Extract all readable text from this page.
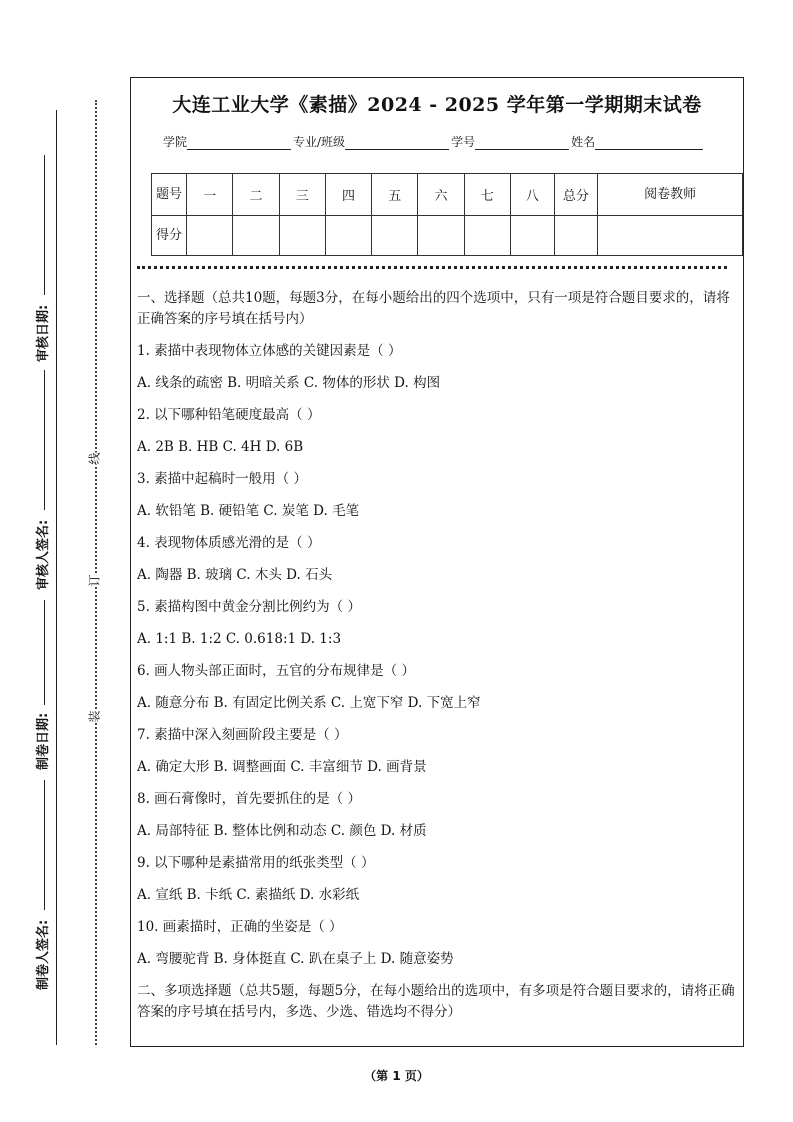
审核日期:
审核人签名:
制卷日期:
制卷人签名:
线
订
装
大连工业大学《素描》2024 - 2025 学年第一学期期末试卷
学院	专业/班级	学号	姓名
题号	一	二	三	四	五	六	七	八	总分	阅卷教师
得分										

一、选择题（总共10题，每题3分，在每小题给出的四个选项中，只有一项是符合题目要求的，请将正确答案的序号填在括号内）

1. 素描中表现物体立体感的关键因素是（ ）

A. 线条的疏密 B. 明暗关系 C. 物体的形状 D. 构图

2. 以下哪种铅笔硬度最高（ ）

A. 2B B. HB C. 4H D. 6B

3. 素描中起稿时一般用（ ）

A. 软铅笔 B. 硬铅笔 C. 炭笔 D. 毛笔

4. 表现物体质感光滑的是（ ）

A. 陶器 B. 玻璃 C. 木头 D. 石头

5. 素描构图中黄金分割比例约为（ ）

A. 1:1 B. 1:2 C. 0.618:1 D. 1:3

6. 画人物头部正面时，五官的分布规律是（ ）

A. 随意分布 B. 有固定比例关系 C. 上宽下窄 D. 下宽上窄

7. 素描中深入刻画阶段主要是（ ）

A. 确定大形 B. 调整画面 C. 丰富细节 D. 画背景

8. 画石膏像时，首先要抓住的是（ ）

A. 局部特征 B. 整体比例和动态 C. 颜色 D. 材质

9. 以下哪种是素描常用的纸张类型（ ）

A. 宣纸 B. 卡纸 C. 素描纸 D. 水彩纸

10. 画素描时，正确的坐姿是（ ）

A. 弯腰驼背 B. 身体挺直 C. 趴在桌子上 D. 随意姿势

二、多项选择题（总共5题，每题5分，在每小题给出的选项中，有多项是符合题目要求的，请将正确答案的序号填在括号内，多选、少选、错选均不得分）

（第 1 页）
